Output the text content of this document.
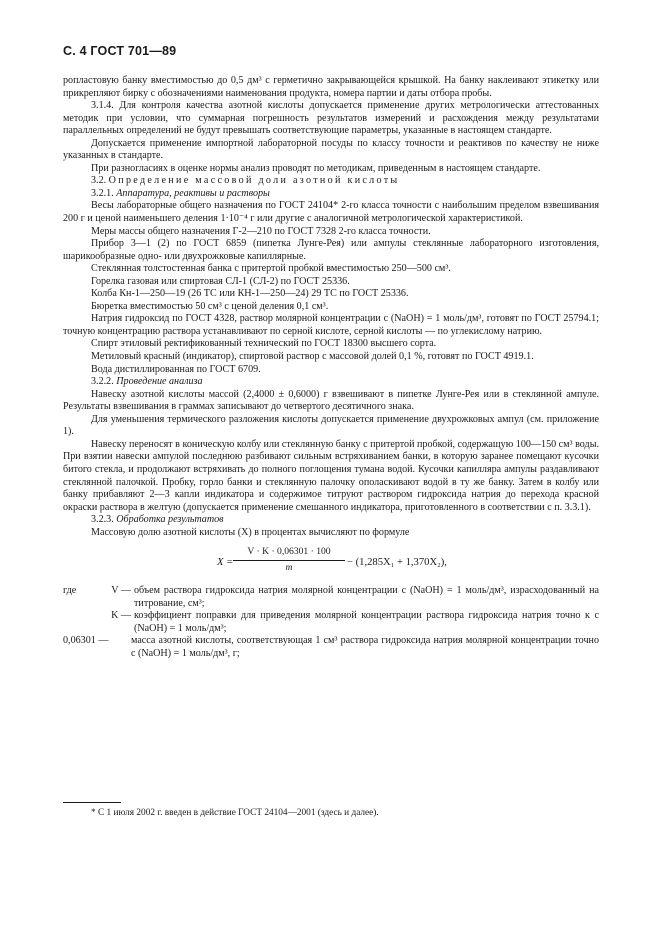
С. 4 ГОСТ 701—89

ропластовую банку вместимостью до 0,5 дм³ с герметично закрывающейся крышкой. На банку наклеивают этикетку или прикрепляют бирку с обозначениями наименования продукта, номера партии и даты отбора пробы.

3.1.4. Для контроля качества азотной кислоты допускается применение других метрологически аттестованных методик при условии, что суммарная погрешность результатов измерений и расхождения между результатами параллельных определений не будут превышать соответствующие параметры, указанные в настоящем стандарте.

Допускается применение импортной лабораторной посуды по классу точности и реактивов по качеству не ниже указанных в стандарте.

При разногласиях в оценке нормы анализ проводят по методикам, приведенным в настоящем стандарте.

3.2. Определение массовой доли азотной кислоты

3.2.1. Аппаратура, реактивы и растворы

Весы лабораторные общего назначения по ГОСТ 24104* 2-го класса точности с наибольшим пределом взвешивания 200 г и ценой наименьшего деления 1·10⁻⁴ г или другие с аналогичной метрологической характеристикой.

Меры массы общего назначения Г-2—210 по ГОСТ 7328 2-го класса точности.

Прибор 3—1 (2) по ГОСТ 6859 (пипетка Лунге-Рея) или ампулы стеклянные лабораторного изготовления, шарикообразные одно- или двухрожковые капиллярные.

Стеклянная толстостенная банка с притертой пробкой вместимостью 250—500 см³.

Горелка газовая или спиртовая СЛ-1 (СЛ-2) по ГОСТ 25336.

Колба Кн-1—250—19 (26 ТС или КН-1—250—24) 29 ТС по ГОСТ 25336.

Бюретка вместимостью 50 см³ с ценой деления 0,1 см³.

Натрия гидроксид по ГОСТ 4328, раствор молярной концентрации c (NaOH) = 1 моль/дм³, готовят по ГОСТ 25794.1; точную концентрацию раствора устанавливают по серной кислоте, серной кислоты — по углекислому натрию.

Спирт этиловый ректификованный технический по ГОСТ 18300 высшего сорта.

Метиловый красный (индикатор), спиртовой раствор с массовой долей 0,1 %, готовят по ГОСТ 4919.1.

Вода дистиллированная по ГОСТ 6709.

3.2.2. Проведение анализа

Навеску азотной кислоты массой (2,4000 ± 0,6000) г взвешивают в пипетке Лунге-Рея или в стеклянной ампуле. Результаты взвешивания в граммах записывают до четвертого десятичного знака.

Для уменьшения термического разложения кислоты допускается применение двухрожковых ампул (см. приложение 1).

Навеску переносят в коническую колбу или стеклянную банку с притертой пробкой, содержащую 100—150 см³ воды. При взятии навески ампулой последнюю разбивают сильным встряхиванием банки, в которую заранее помещают кусочки битого стекла, и продолжают встряхивать до полного поглощения тумана водой. Кусочки капилляра ампулы раздавливают стеклянной палочкой. Пробку, горло банки и стеклянную палочку ополаскивают водой в ту же банку. Затем в колбу или банку прибавляют 2—3 капли индикатора и содержимое титруют раствором гидроксида натрия до перехода красной окраски раствора в желтую (допускается применение смешанного индикатора, приготовленного в соответствии с п. 3.3.1).

3.2.3. Обработка результатов

Массовую долю азотной кислоты (X) в процентах вычисляют по формуле

$X = \frac{V \cdot K \cdot 0,06301 \cdot 100}{m} - (1,285X_1 + 1,370X_2)$,
где	V — объем раствора гидроксида натрия молярной концентрации c (NaOH) = 1 моль/дм³, израсходованный на титрование, см³;
K — коэффициент поправки для приведения молярной концентрации раствора гидроксида натрия точно к c (NaOH) = 1 моль/дм³;
0,06301 —	масса азотной кислоты, соответствующая 1 см³ раствора гидроксида натрия молярной концентрации точно c (NaOH) = 1 моль/дм³, г;
* С 1 июля 2002 г. введен в действие ГОСТ 24104—2001 (здесь и далее).
